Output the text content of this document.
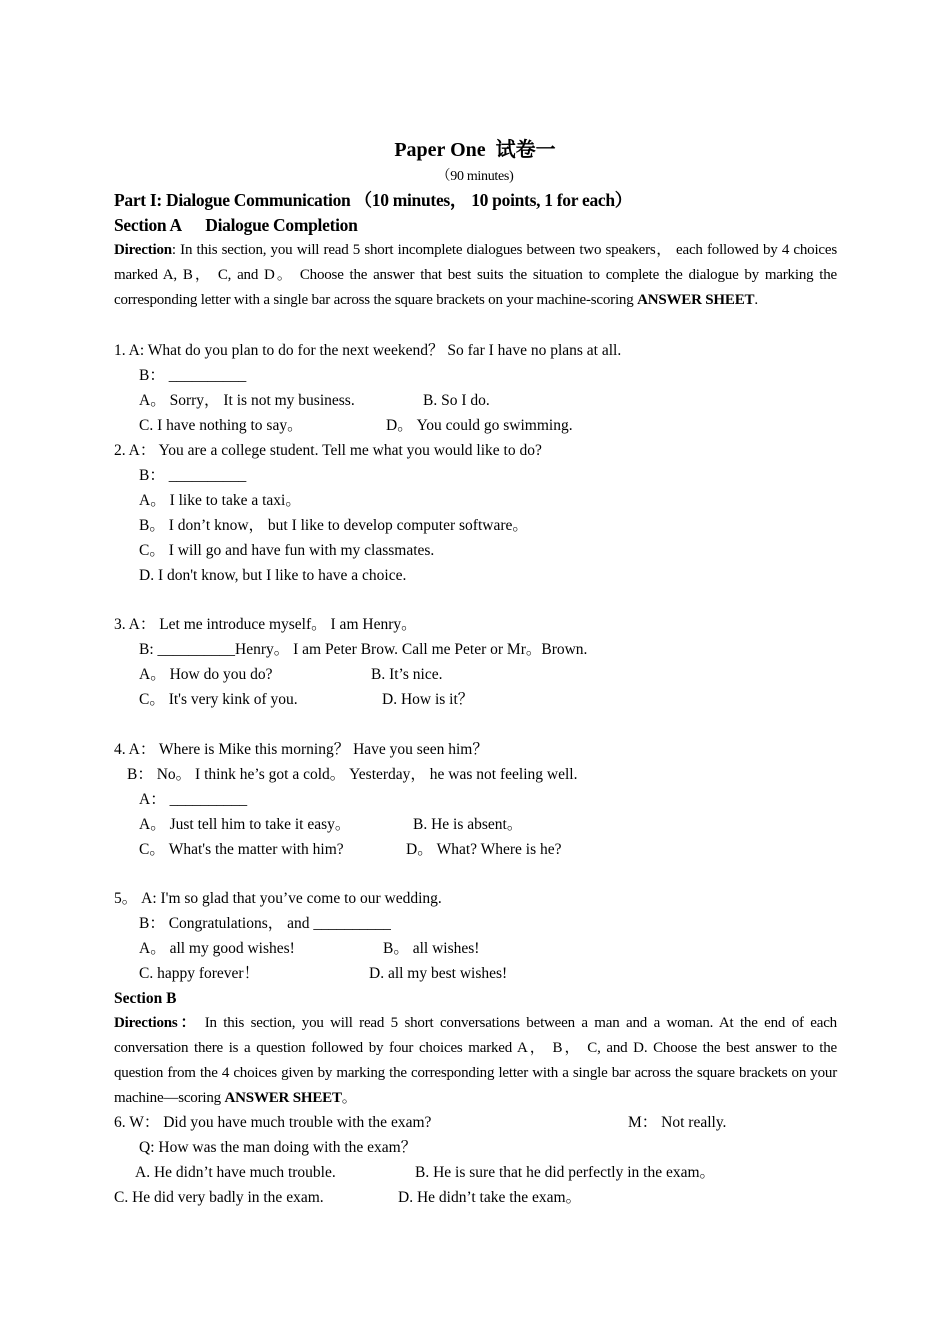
Paper One  试卷一
（90 minutes)
Part I: Dialogue Communication （10 minutes， 10 points, 1 for each）
Section A      Dialogue Completion
Direction: In this section, you will read 5 short incomplete dialogues between two speakers， each followed by 4 choices marked A, B， C, and D。 Choose the answer that best suits the situation to complete the dialogue by marking the corresponding letter with a single bar across the square brackets on your machine-scoring ANSWER SHEET.
1. A: What do you plan to do for the next weekend？ So far I have no plans at all.
B： __________
A。 Sorry， It is not my business.	B. So I do.
C. I have nothing to say。	D。 You could go swimming.
2. A： You are a college student. Tell me what you would like to do?
B： __________
A。 I like to take a taxi。
B。 I don’t know， but I like to develop computer software。
C。 I will go and have fun with my classmates.
D. I don't know, but I like to have a choice.
3. A： Let me introduce myself。 I am Henry。
B: __________Henry。 I am Peter Brow. Call me Peter or Mr。Brown.
A。 How do you do?	B. It’s nice.
C。 It's very kink of you.	D. How is it？
4. A： Where is Mike this morning？ Have you seen him？
B： No。 I think he’s got a cold。 Yesterday， he was not feeling well.
A： __________
A。 Just tell him to take it easy。	B. He is absent。
C。 What's the matter with him?	D。 What? Where is he?
5。 A: I'm so glad that you’ve come to our wedding.
B： Congratulations， and __________
A。 all my good wishes!	B。 all wishes!
C. happy forever！	D. all my best wishes!
Section B
Directions： In this section, you will read 5 short conversations between a man and a woman. At the end of each conversation there is a question followed by four choices marked A， B， C, and D. Choose the best answer to the question from the 4 choices given by marking the corresponding letter with a single bar across the square brackets on your machine—scoring ANSWER SHEET。
6. W： Did you have much trouble with the exam?	M： Not really.
Q: How was the man doing with the exam？
A. He didn’t have much trouble.	B. He is sure that he did perfectly in the exam。
C. He did very badly in the exam.	D. He didn’t take the exam。
